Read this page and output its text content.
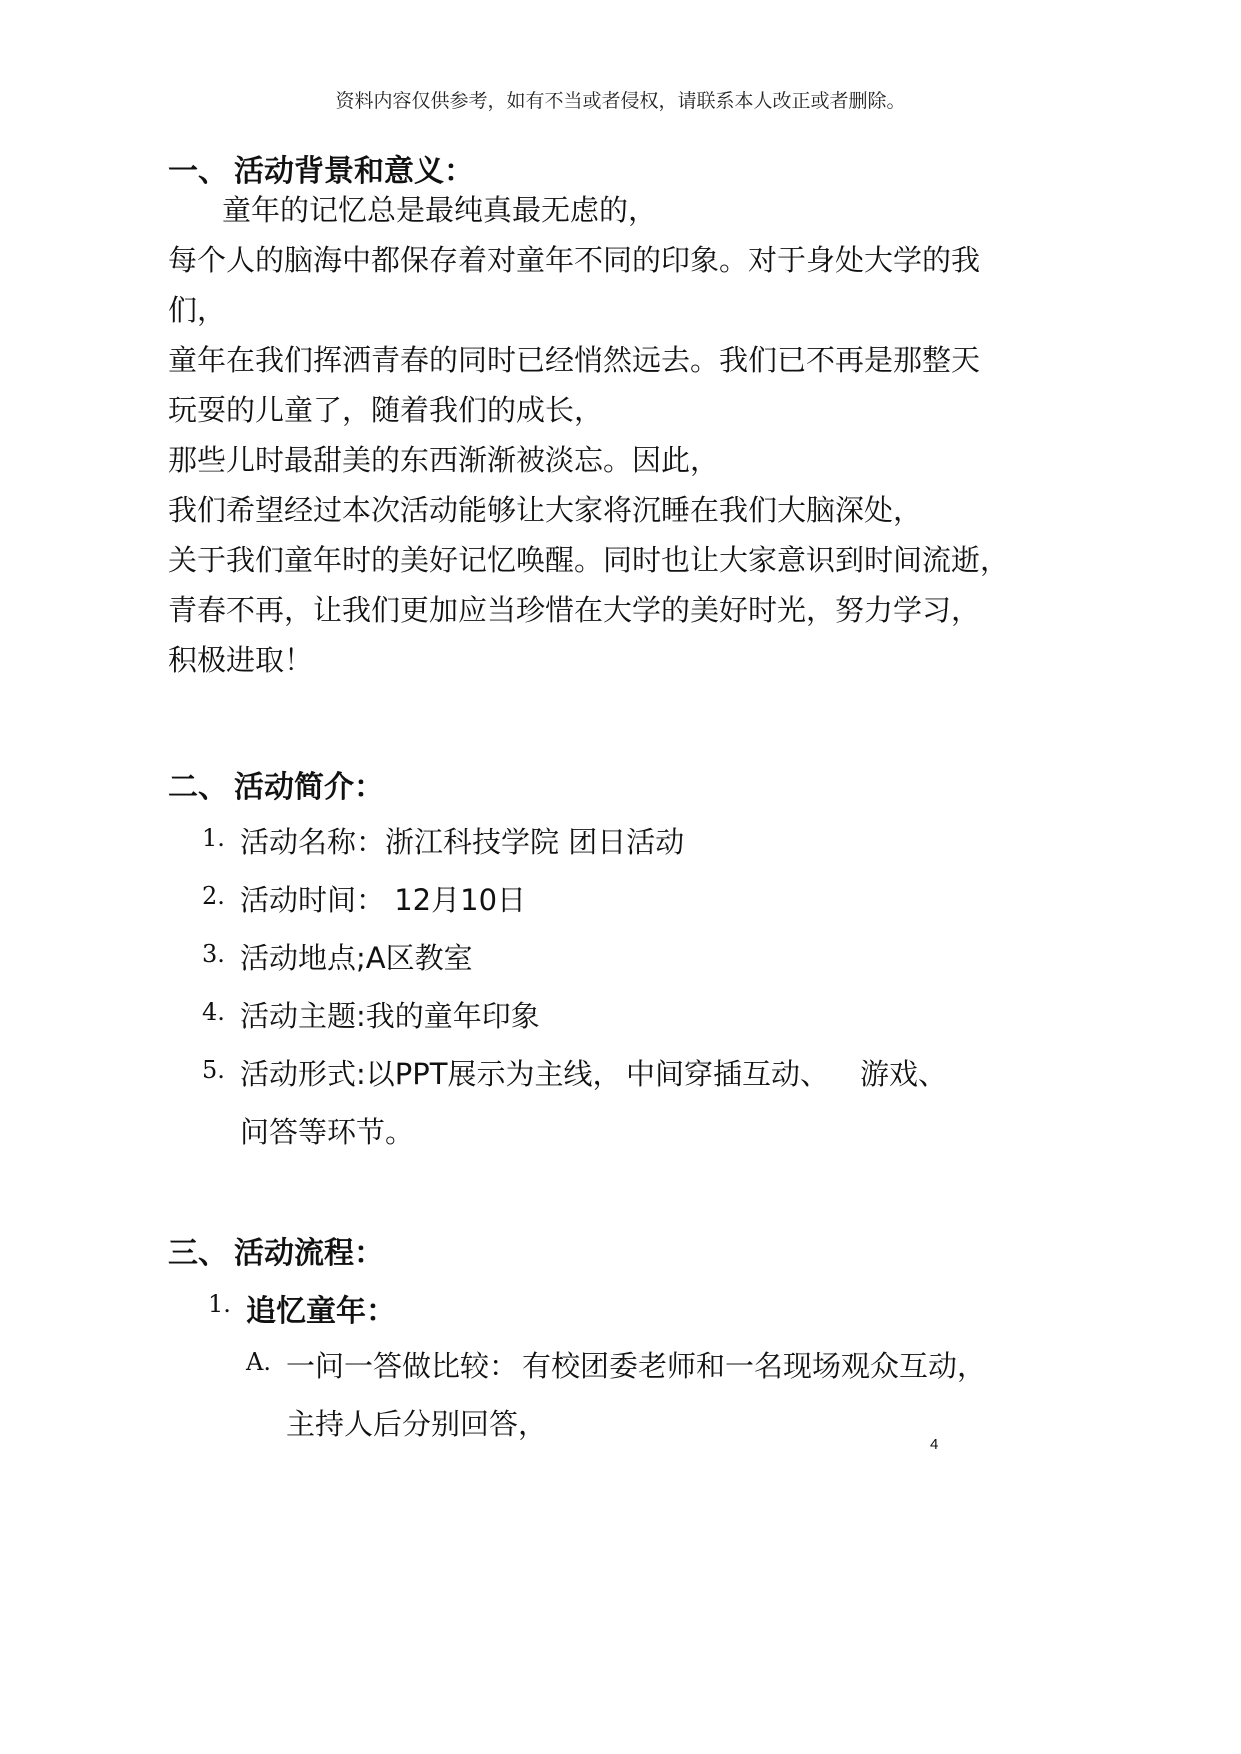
资料内容仅供参考，如有不当或者侵权，请联系本人改正或者删除。
一、 活动背景和意义：
童年的记忆总是最纯真最无虑的，
每个人的脑海中都保存着对童年不同的印象。对于身处大学的我
们，
童年在我们挥洒青春的同时已经悄然远去。我们已不再是那整天
玩耍的儿童了，随着我们的成长，
那些儿时最甜美的东西渐渐被淡忘。因此，
我们希望经过本次活动能够让大家将沉睡在我们大脑深处，
关于我们童年时的美好记忆唤醒。同时也让大家意识到时间流逝，
青春不再，让我们更加应当珍惜在大学的美好时光，努力学习，
积极进取！
二、 活动简介：
1. 活动名称：浙江科技学院 团日活动
2. 活动时间： 12月10日
3. 活动地点;A区教室
4. 活动主题:我的童年印象
5. 活动形式:以PPT展示为主线， 中间穿插互动、 游戏、
问答等环节。
三、 活动流程：
1. 追忆童年：
A. 一问一答做比较： 有校团委老师和一名现场观众互动，
主持人后分别回答，
4
